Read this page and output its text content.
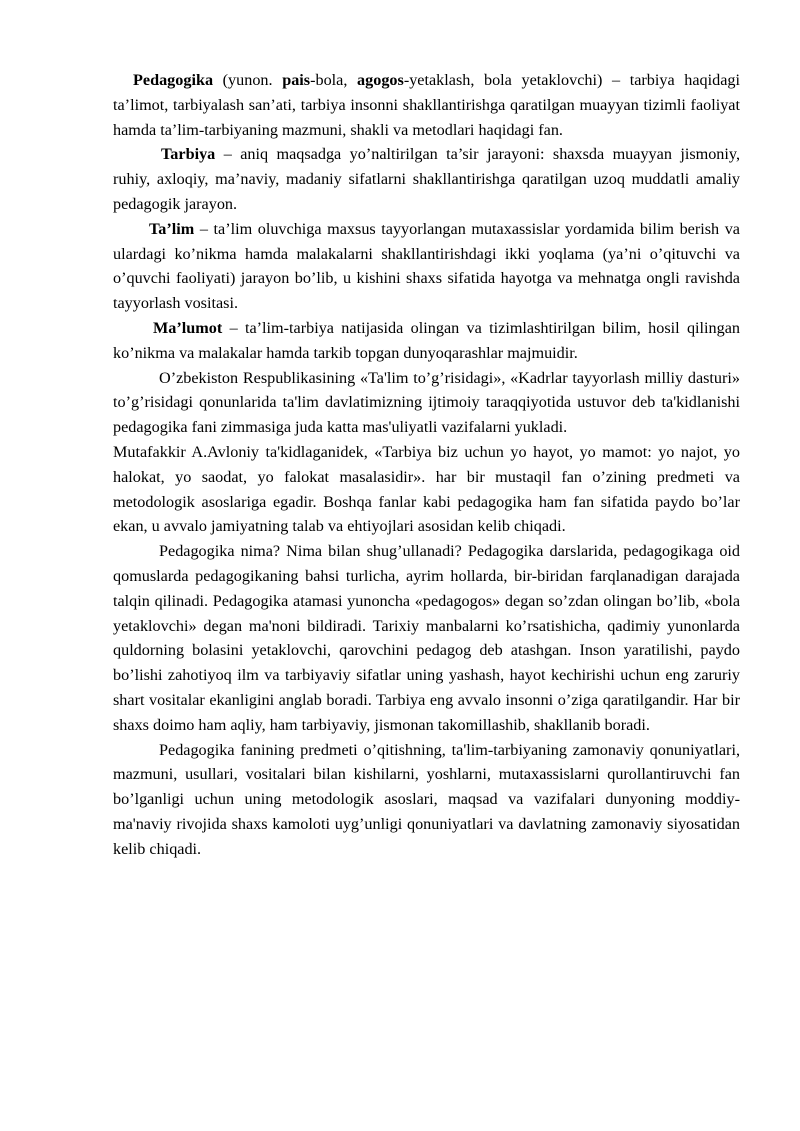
Pedagogika (yunon. pais-bola, agogos-yetaklash, bola yetaklovchi) – tarbiya haqidagi ta’limot, tarbiyalash san’ati, tarbiya insonni shakllantirishga qaratilgan muayyan tizimli faoliyat hamda ta’lim-tarbiyaning mazmuni, shakli va metodlari haqidagi fan.

Tarbiya – aniq maqsadga yo’naltirilgan ta’sir jarayoni: shaxsda muayyan jismoniy, ruhiy, axloqiy, ma’naviy, madaniy sifatlarni shakllantirishga qaratilgan uzoq muddatli amaliy pedagogik jarayon.

Ta’lim – ta’lim oluvchiga maxsus tayyorlangan mutaxassislar yordamida bilim berish va ulardagi ko’nikma hamda malakalarni shakllantirishdagi ikki yoqlama (ya’ni o’qituvchi va o’quvchi faoliyati) jarayon bo’lib, u kishini shaxs sifatida hayotga va mehnatga ongli ravishda tayyorlash vositasi.

Ma’lumot – ta’lim-tarbiya natijasida olingan va tizimlashtirilgan bilim, hosil qilingan ko’nikma va malakalar hamda tarkib topgan dunyoqarashlar majmuidir.

O’zbekiston Respublikasining «Ta'lim to’g’risidagi», «Kadrlar tayyorlash milliy dasturi» to’g’risidagi qonunlarida ta'lim davlatimizning ijtimoiy taraqqiyotida ustuvor deb ta'kidlanishi pedagogika fani zimmasiga juda katta mas'uliyatli vazifalarni yukladi.

Mutafakkir A.Avloniy ta'kidlaganidek, «Tarbiya biz uchun yo hayot, yo mamot: yo najot, yo halokat, yo saodat, yo falokat masalasidir». har bir mustaqil fan o’zining predmeti va metodologik asoslariga egadir. Boshqa fanlar kabi pedagogika ham fan sifatida paydo bo’lar ekan, u avvalo jamiyatning talab va ehtiyojlari asosidan kelib chiqadi.

Pedagogika nima? Nima bilan shug’ullanadi? Pedagogika darslarida, pedagogikaga oid qomuslarda pedagogikaning bahsi turlicha, ayrim hollarda, bir-biridan farqlanadigan darajada talqin qilinadi. Pedagogika atamasi yunoncha «pedagogos» degan so’zdan olingan bo’lib, «bola yetaklovchi» degan ma'noni bildiradi. Tarixiy manbalarni ko’rsatishicha, qadimiy yunonlarda quldorning bolasini yetaklovchi, qarovchini pedagog deb atashgan. Inson yaratilishi, paydo bo’lishi zahotiyoq ilm va tarbiyaviy sifatlar uning yashash, hayot kechirishi uchun eng zaruriy shart vositalar ekanligini anglab boradi. Tarbiya eng avvalo insonni o’ziga qaratilgandir. Har bir shaxs doimo ham aqliy, ham tarbiyaviy, jismonan takomillashib, shakllanib boradi.

Pedagogika fanining predmeti o’qitishning, ta'lim-tarbiyaning zamonaviy qonuniyatlari, mazmuni, usullari, vositalari bilan kishilarni, yoshlarni, mutaxassislarni qurollantiruvchi fan bo’lganligi uchun uning metodologik asoslari, maqsad va vazifalari dunyoning moddiy-ma'naviy rivojida shaxs kamoloti uyg’unligi qonuniyatlari va davlatning zamonaviy siyosatidan kelib chiqadi.
